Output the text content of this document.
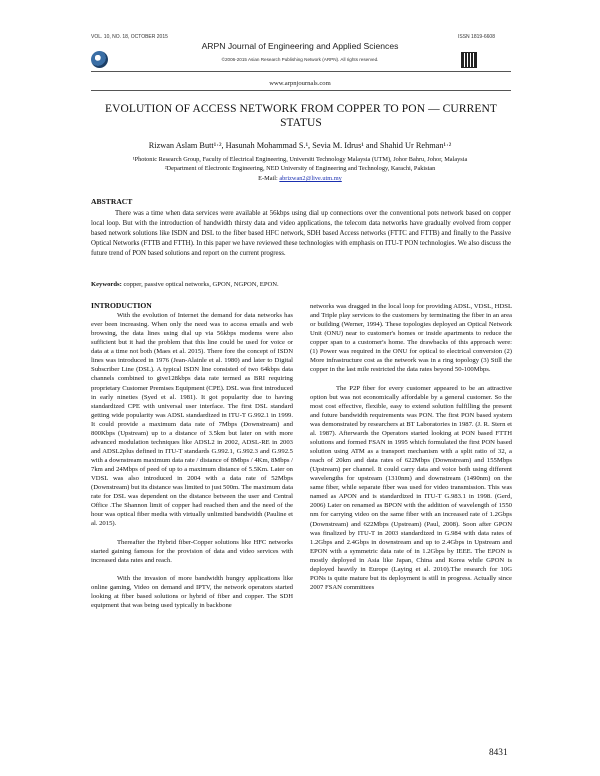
VOL. 10, NO. 18, OCTOBER 2015	ISSN 1819-6608
ARPN Journal of Engineering and Applied Sciences
©2006-2015 Asian Research Publishing Network (ARPN). All rights reserved.
www.arpnjournals.com
EVOLUTION OF ACCESS NETWORK FROM COPPER TO PON — CURRENT STATUS
Rizwan Aslam Butt¹·², Hasunah Mohammad S.¹, Sevia M. Idrus¹ and Shahid Ur Rehman¹·²
¹Photonic Research Group, Faculty of Electrical Engineering, Universiti Technology Malaysia (UTM), Johor Bahru, Johor, Malaysia
²Department of Electronic Engineering, NED University of Engineering and Technology, Karachi, Pakistan
E-Mail: abrizwan2@live.utm.my
ABSTRACT

There was a time when data services were available at 56kbps using dial up connections over the conventional pots network based on copper local loop. But with the introduction of handwidth thirsty data and video applications, the telecom data networks have gradually evolved from copper based network solutions like ISDN and DSL to the fiber based HFC network, SDH based Access networks (FTTC and FTTB) and finally to the Passive Optical Networks (FTTB and FTTH). In this paper we have reviewed these technologies with emphasis on ITU-T PON technologies. We also discuss the future trend of PON based solutions and report on the current progress.

Keywords: copper, passive optical networks, GPON, NGPON, EPON.
INTRODUCTION

With the evolution of Internet the demand for data networks has ever been increasing. When only the need was to access emails and web browsing, the data lines using dial up via 56kbps modems were also sufficient but it had the problem that this line could be used for voice or data at a time not both (Maes et al. 2015). There fore the concept of ISDN lines was introduced in 1976 (Jean-Alainle et al. 1980) and later to Digital Subscriber Line (DSL). A typical ISDN line consisted of two 64kbps data channels combined to give128kbps data rate termed as BRI requiring proprietary Customer Premises Equipment (CPE). DSL was first introduced in early nineties (Syed et al. 1981). It got popularity due to having standardized CPE with universal user interface. The first DSL standard getting wide popularity was ADSL standardized in ITU-T G.992.1 in 1999. It could provide a maximum data rate of 7Mbps (Downstream) and 800Kbps (Upstream) up to a distance of 3.5km but later on with more advanced modulation techniques like ADSL2 in 2002, ADSL-RE in 2003 and ADSL2plus defined in ITU-T standards G.992.1, G.992.3 and G.992.5 with a downstream maximum data rate / distance of 8Mbps / 4Km, 8Mbps / 7km and 24Mbps of peed of up to a maximum distance of 5.5Km. Later on VDSL was also introduced in 2004 with a data rate of 52Mbps (Downstream) but its distance was limited to just 500m. The maximum data rate for DSL was dependent on the distance between the user and Central Office .The Shannon limit of copper had reached then and the need of the hour was optical fiber media with virtually unlimited bandwidth (Pauline et al. 2015).

Thereafter the Hybrid fiber-Copper solutions like HFC networks started gaining famous for the provision of data and video services with increased data rates and reach.

With the invasion of more bandwidth hungry applications like online gaming, Video on demand and IPTV, the network operators started looking at fiber based solutions or hybrid of fiber and copper. The SDH equipment that was being used typically in backbone

networks was dragged in the local loop for providing ADSL, VDSL, HDSL and Triple play services to the customers by terminating the fiber in an area or building (Werner, 1994). These topologies deployed an Optical Network Unit (ONU) near to customer's homes or inside apartments to reduce the copper span to a customer's home. The drawbacks of this approach were: (1) Power was required in the ONU for optical to electrical conversion (2) More infrastructure cost as the network was in a ring topology (3) Still the copper in the last mile restricted the data rates beyond 50-100Mbps.

The P2P fiber for every customer appeared to be an attractive option but was not economically affordable by a general customer. So the most cost effective, flexible, easy to extend solution fulfilling the present and future bandwidth requirements was PON. The first PON based system was demonstrated by researchers at BT Laboratories in 1987. (J. R. Stern et al. 1987). Afterwards the Operators started looking at PON based FTTH solutions and formed FSAN in 1995 which formulated the first PON based solution using ATM as a transport mechanism with a split ratio of 32, a reach of 20km and data rates of 622Mbps (Downstream) and 155Mbps (Upstream) per channel. It could carry data and voice both using different wavelengths for upstream (1310nm) and downstream (1490nm) on the same fiber, while separate fiber was used for video transmission. This was named as APON and is standardized in ITU-T G.983.1 in 1998. (Gerd, 2006) Later on renamed as BPON with the addition of wavelength of 1550 nm for carrying video on the same fiber with an increased rate of 1.2Gbps (Downstream) and 622Mbps (Upstream) (Paul, 2008). Soon after GPON was finalized by ITU-T in 2003 standardized in G.984 with data rates of 1.2Gbps and 2.4Gbps in downstream and up to 2.4Gbps in Upstream and EPON with a symmetric data rate of in 1.2Gbps by IEEE. The EPON is mostly deployed in Asia like Japan, China and Korea while GPON is deployed heavily in Europe (Laying et al. 2010).The research for 10G PONs is quite mature but its deployment is still in progress. Actually since 2007 FSAN committees

8431
